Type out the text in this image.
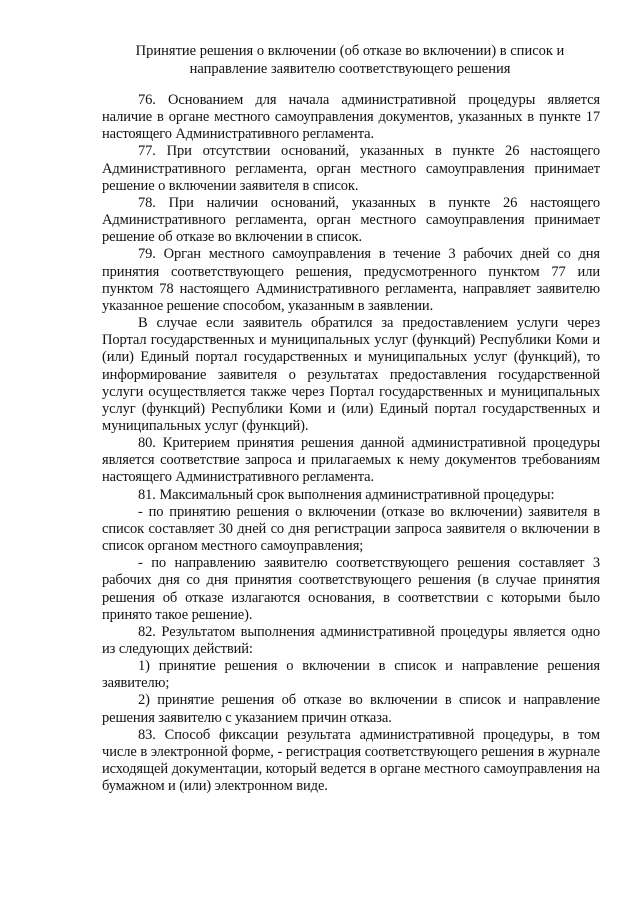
Принятие решения о включении (об отказе во включении) в список и
направление заявителю соответствующего решения

76. Основанием для начала административной процедуры является наличие в органе местного самоуправления документов, указанных в пункте 17 настоящего Административного регламента.

77. При отсутствии оснований, указанных в пункте 26 настоящего Административного регламента, орган местного самоуправления принимает решение о включении заявителя в список.

78. При наличии оснований, указанных в пункте 26 настоящего Административного регламента, орган местного самоуправления принимает решение об отказе во включении в список.

79. Орган местного самоуправления в течение 3 рабочих дней со дня принятия соответствующего решения, предусмотренного пунктом 77 или пунктом 78 настоящего Административного регламента, направляет заявителю указанное решение способом, указанным в заявлении.

В случае если заявитель обратился за предоставлением услуги через Портал государственных и муниципальных услуг (функций) Республики Коми и (или) Единый портал государственных и муниципальных услуг (функций), то информирование заявителя о результатах предоставления государственной услуги осуществляется также через Портал государственных и муниципальных услуг (функций) Республики Коми и (или) Единый портал государственных и муниципальных услуг (функций).

80. Критерием принятия решения данной административной процедуры является соответствие запроса и прилагаемых к нему документов требованиям настоящего Административного регламента.

81. Максимальный срок выполнения административной процедуры:

- по принятию решения о включении (отказе во включении) заявителя в список составляет 30 дней со дня регистрации запроса заявителя о включении в список органом местного самоуправления;

- по направлению заявителю соответствующего решения составляет 3 рабочих дня со дня принятия соответствующего решения (в случае принятия решения об отказе излагаются основания, в соответствии с которыми было принято такое решение).

82. Результатом выполнения административной процедуры является одно из следующих действий:

1) принятие решения о включении в список и направление решения заявителю;

2) принятие решения об отказе во включении в список и направление решения заявителю с указанием причин отказа.

83. Способ фиксации результата административной процедуры, в том числе в электронной форме, - регистрация соответствующего решения в журнале исходящей документации, который ведется в органе местного самоуправления на бумажном и (или) электронном виде.
